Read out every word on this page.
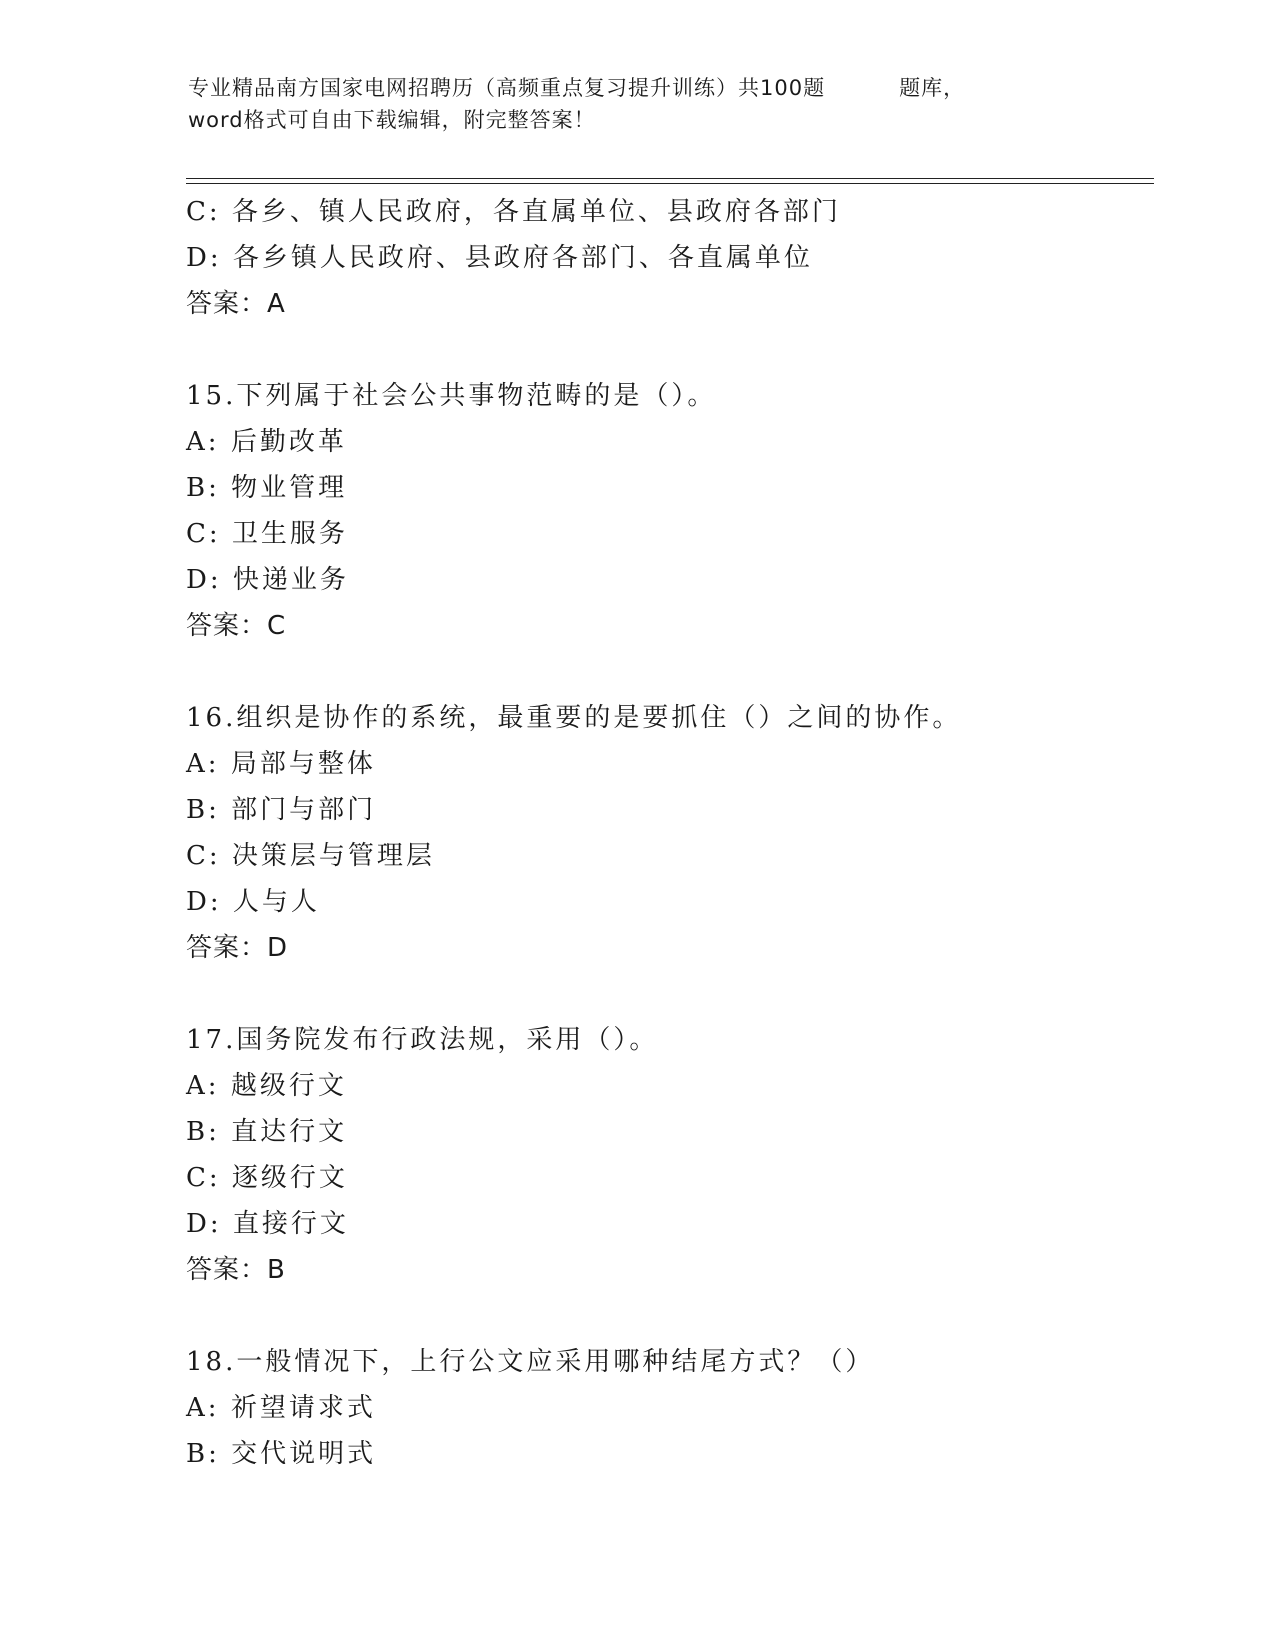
专业精品南方国家电网招聘历（高频重点复习提升训练）共100题	题库，
word格式可自由下载编辑，附完整答案！
C: 各乡、镇人民政府，各直属单位、县政府各部门
D: 各乡镇人民政府、县政府各部门、各直属单位
答案：A
15.下列属于社会公共事物范畴的是（）。
A: 后勤改革
B: 物业管理
C: 卫生服务
D: 快递业务
答案：C
16.组织是协作的系统，最重要的是要抓住（）之间的协作。
A: 局部与整体
B: 部门与部门
C: 决策层与管理层
D: 人与人
答案：D
17.国务院发布行政法规，采用（）。
A: 越级行文
B: 直达行文
C: 逐级行文
D: 直接行文
答案：B
18.一般情况下，上行公文应采用哪种结尾方式？（）
A: 祈望请求式
B: 交代说明式
